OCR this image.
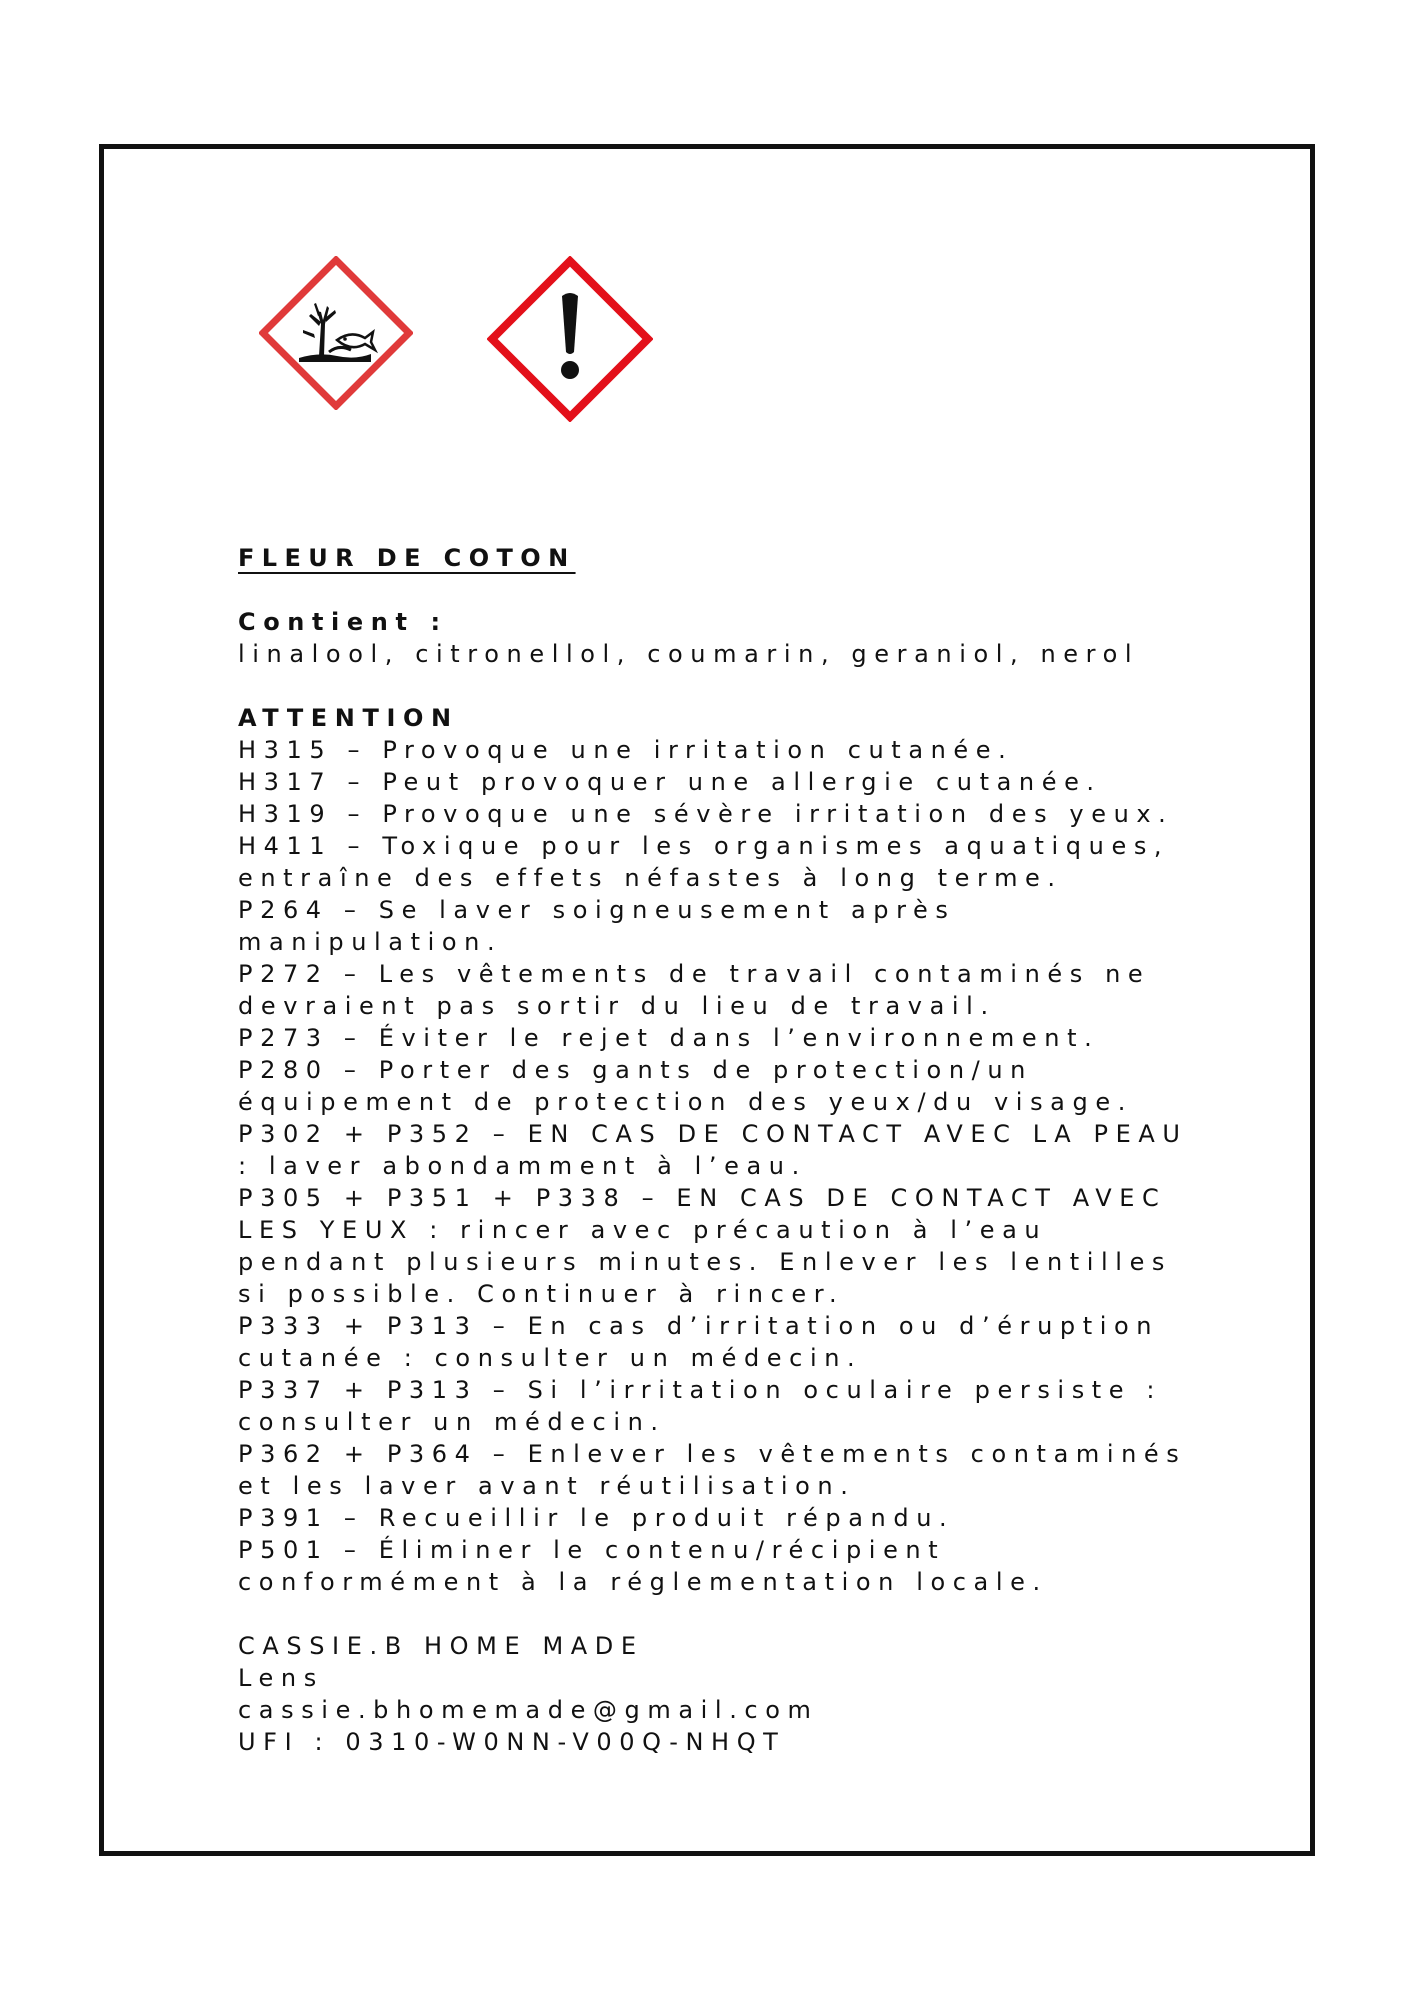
FLEUR DE COTON
Contient :
linalool, citronellol, coumarin, geraniol, nerol
ATTENTION
H315 – Provoque une irritation cutanée.
H317 – Peut provoquer une allergie cutanée.
H319 – Provoque une sévère irritation des yeux.
H411 – Toxique pour les organismes aquatiques,
entraîne des effets néfastes à long terme.
P264 – Se laver soigneusement après
manipulation.
P272 – Les vêtements de travail contaminés ne
devraient pas sortir du lieu de travail.
P273 – Éviter le rejet dans l’environnement.
P280 – Porter des gants de protection/un
équipement de protection des yeux/du visage.
P302 + P352 – EN CAS DE CONTACT AVEC LA PEAU
: laver abondamment à l’eau.
P305 + P351 + P338 – EN CAS DE CONTACT AVEC
LES YEUX : rincer avec précaution à l’eau
pendant plusieurs minutes. Enlever les lentilles
si possible. Continuer à rincer.
P333 + P313 – En cas d’irritation ou d’éruption
cutanée : consulter un médecin.
P337 + P313 – Si l’irritation oculaire persiste :
consulter un médecin.
P362 + P364 – Enlever les vêtements contaminés
et les laver avant réutilisation.
P391 – Recueillir le produit répandu.
P501 – Éliminer le contenu/récipient
conformément à la réglementation locale.
CASSIE.B HOME MADE
Lens
cassie.bhomemade@gmail.com
UFI : 0310-W0NN-V00Q-NHQT
